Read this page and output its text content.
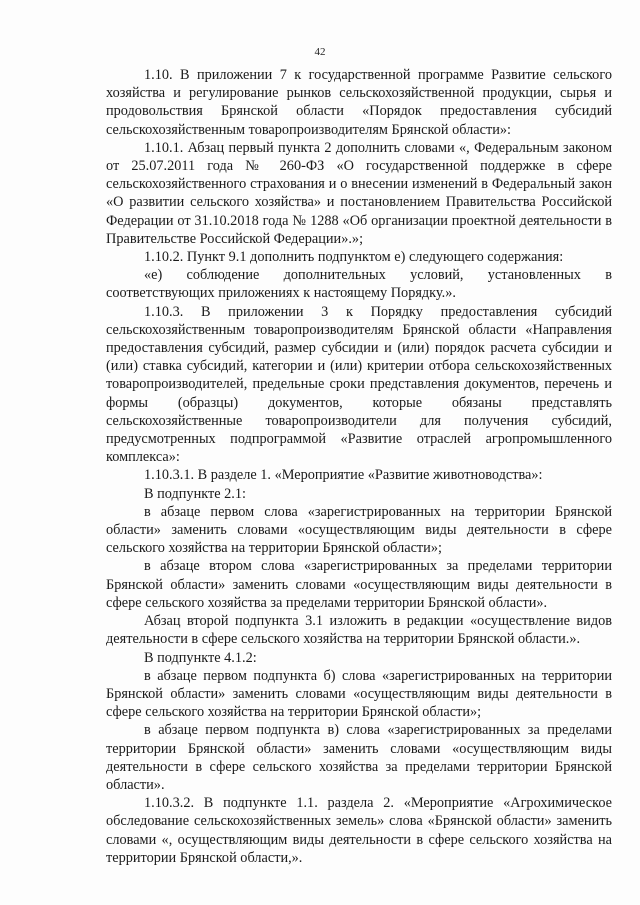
42

1.10. В приложении 7 к государственной программе Развитие сельского хозяйства и регулирование рынков сельскохозяйственной продукции, сырья и продовольствия Брянской области «Порядок предоставления субсидий сельскохозяйственным товаропроизводителям Брянской области»:

1.10.1. Абзац первый пункта 2 дополнить словами «, Федеральным законом от 25.07.2011 года № 260-ФЗ «О государственной поддержке в сфере сельскохозяйственного страхования и о внесении изменений в Федеральный закон «О развитии сельского хозяйства» и постановлением Правительства Российской Федерации от 31.10.2018 года № 1288 «Об организации проектной деятельности в Правительстве Российской Федерации».»;

1.10.2. Пункт 9.1 дополнить подпунктом е) следующего содержания:

«е) соблюдение дополнительных условий, установленных в соответствующих приложениях к настоящему Порядку.».

1.10.3. В приложении 3 к Порядку предоставления субсидий сельскохозяйственным товаропроизводителям Брянской области «Направления предоставления субсидий, размер субсидии и (или) порядок расчета субсидии и (или) ставка субсидий, категории и (или) критерии отбора сельскохозяйственных товаропроизводителей, предельные сроки представления документов, перечень и формы (образцы) документов, которые обязаны представлять сельскохозяйственные товаропроизводители для получения субсидий, предусмотренных подпрограммой «Развитие отраслей агропромышленного комплекса»:

1.10.3.1. В разделе 1. «Мероприятие «Развитие животноводства»:

В подпункте 2.1:

в абзаце первом слова «зарегистрированных на территории Брянской области» заменить словами «осуществляющим виды деятельности в сфере сельского хозяйства на территории Брянской области»;

в абзаце втором слова «зарегистрированных за пределами территории Брянской области» заменить словами «осуществляющим виды деятельности в сфере сельского хозяйства за пределами территории Брянской области».

Абзац второй подпункта 3.1 изложить в редакции «осуществление видов деятельности в сфере сельского хозяйства на территории Брянской области.».

В подпункте 4.1.2:

в абзаце первом подпункта б) слова «зарегистрированных на территории Брянской области» заменить словами «осуществляющим виды деятельности в сфере сельского хозяйства на территории Брянской области»;

в абзаце первом подпункта в) слова «зарегистрированных за пределами территории Брянской области» заменить словами «осуществляющим виды деятельности в сфере сельского хозяйства за пределами территории Брянской области».

1.10.3.2. В подпункте 1.1. раздела 2. «Мероприятие «Агрохимическое обследование сельскохозяйственных земель» слова «Брянской области» заменить словами «, осуществляющим виды деятельности в сфере сельского хозяйства на территории Брянской области,».
